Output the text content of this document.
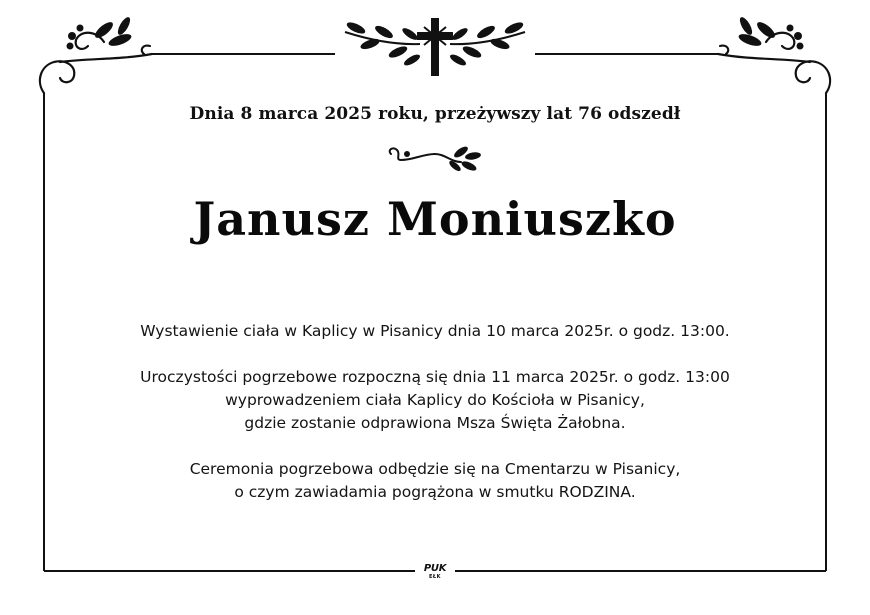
Dnia 8 marca 2025 roku, przeżywszy lat 76 odszedł
Janusz Moniuszko

Wystawienie ciała w Kaplicy w Pisanicy dnia 10 marca 2025r. o godz. 13:00.

Uroczystości pogrzebowe rozpoczną się dnia 11 marca 2025r. o godz. 13:00
wyprowadzeniem ciała Kaplicy do Kościoła w Pisanicy,
gdzie zostanie odprawiona Msza Święta Żałobna.

Ceremonia pogrzebowa odbędzie się na Cmentarzu w Pisanicy,
o czym zawiadamia pogrążona w smutku RODZINA.

PUK
EŁK
